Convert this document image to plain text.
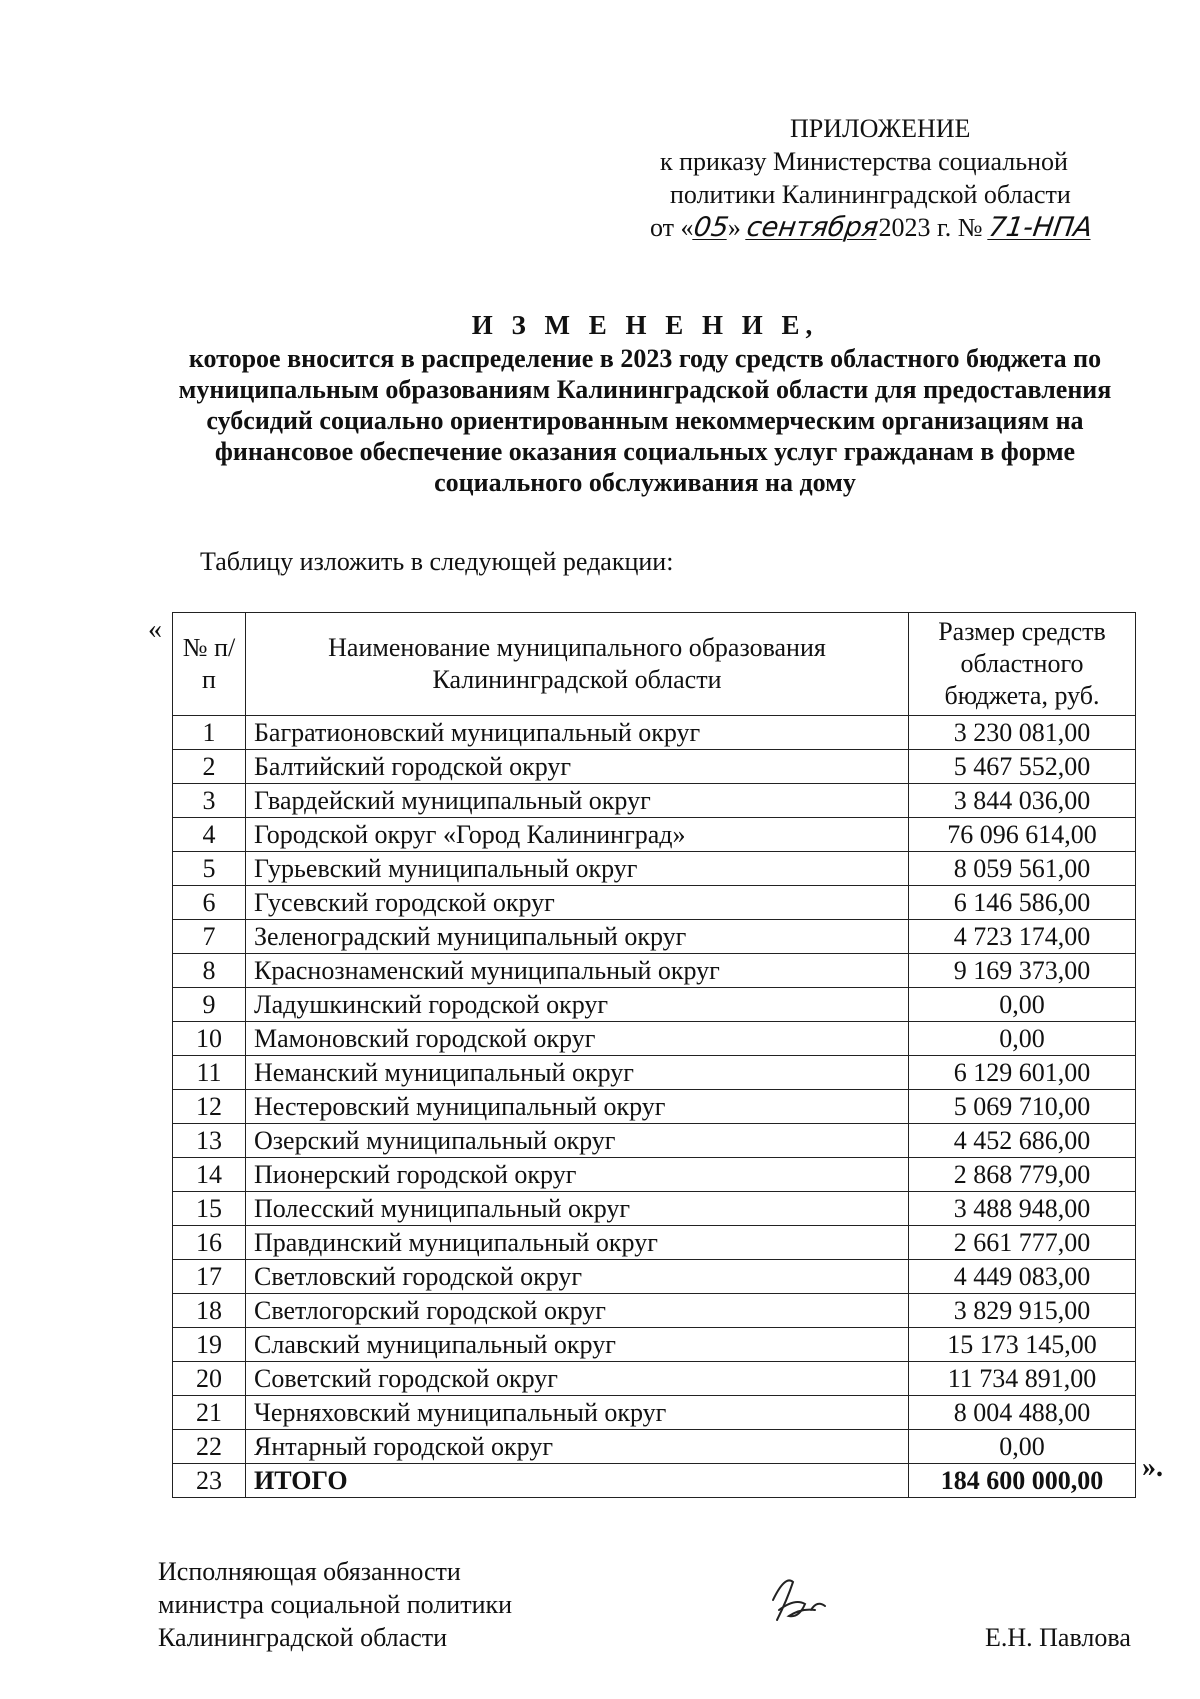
ПРИЛОЖЕНИЕ
к приказу Министерства социальной
политики Калининградской области
от «05» сентября2023 г. № 71-НПА
И З М Е Н Е Н И Е,
которое вносится в распределение в 2023 году средств областного бюджета по муниципальным образованиям Калининградской области для предоставления субсидий социально ориентированным некоммерческим организациям на финансовое обеспечение оказания социальных услуг гражданам в форме социального обслуживания на дому
Таблицу изложить в следующей редакции:
«
№ п/п	Наименование муниципального образования Калининградской области	Размер средств областного бюджета, руб.
1	Багратионовский муниципальный округ	3 230 081,00
2	Балтийский городской округ	5 467 552,00
3	Гвардейский муниципальный округ	3 844 036,00
4	Городской округ «Город Калининград»	76 096 614,00
5	Гурьевский муниципальный округ	8 059 561,00
6	Гусевский городской округ	6 146 586,00
7	Зеленоградский муниципальный округ	4 723 174,00
8	Краснознаменский муниципальный округ	9 169 373,00
9	Ладушкинский городской округ	0,00
10	Мамоновский городской округ	0,00
11	Неманский муниципальный округ	6 129 601,00
12	Нестеровский муниципальный округ	5 069 710,00
13	Озерский муниципальный округ	4 452 686,00
14	Пионерский городской округ	2 868 779,00
15	Полесский муниципальный округ	3 488 948,00
16	Правдинский муниципальный округ	2 661 777,00
17	Светловский городской округ	4 449 083,00
18	Светлогорский городской округ	3 829 915,00
19	Славский муниципальный округ	15 173 145,00
20	Советский городской округ	11 734 891,00
21	Черняховский муниципальный округ	8 004 488,00
22	Янтарный городской округ	0,00
23	ИТОГО	184 600 000,00 ».
Исполняющая обязанности
министра социальной политики
Калининградской области	Е.Н. Павлова
